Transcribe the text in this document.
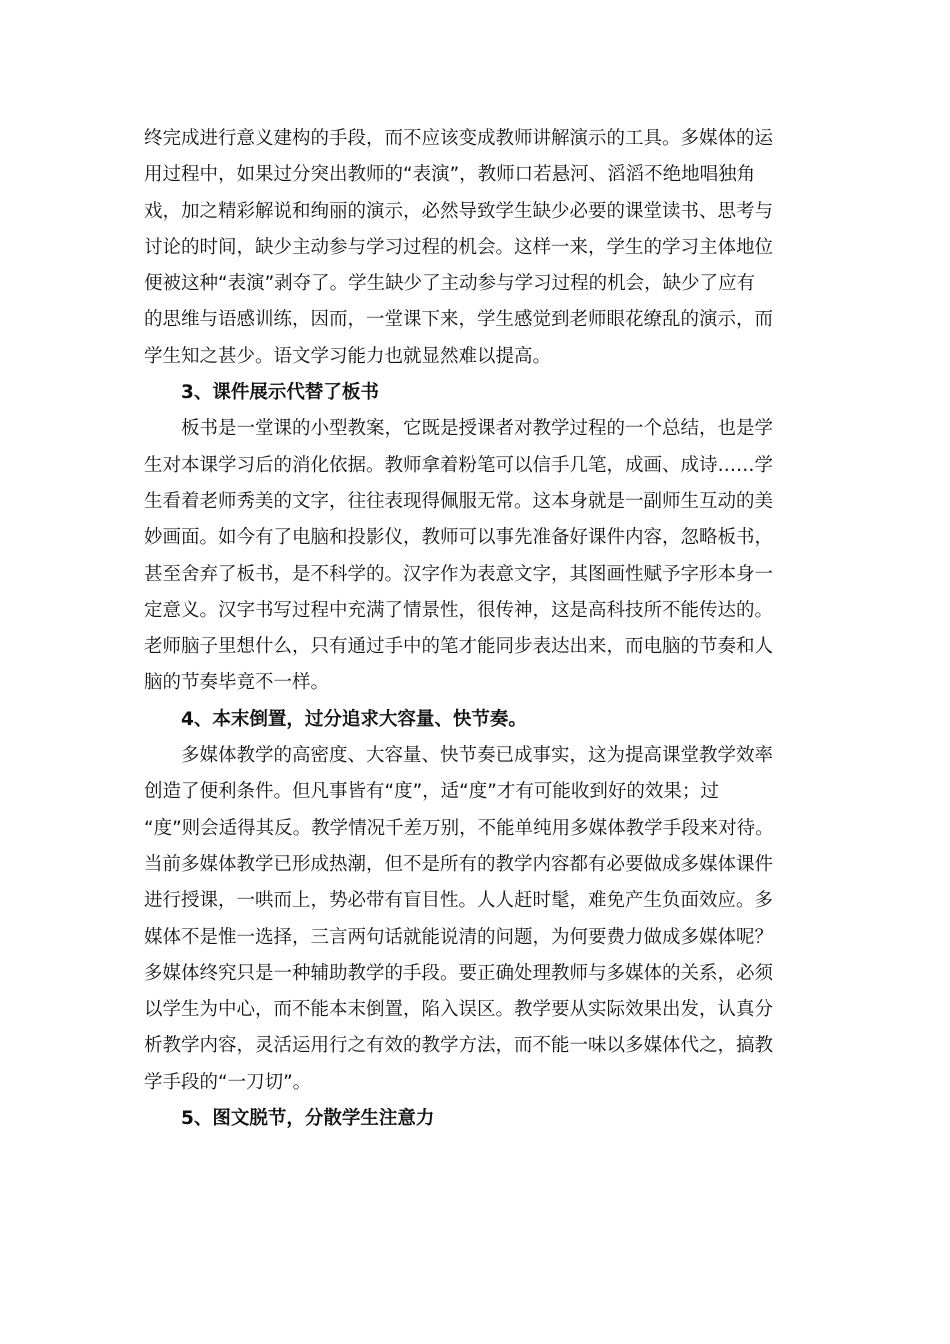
终完成进行意义建构的手段，而不应该变成教师讲解演示的工具。多媒体的运
用过程中，如果过分突出教师的“表演”，教师口若悬河、滔滔不绝地唱独角
戏，加之精彩解说和绚丽的演示，必然导致学生缺少必要的课堂读书、思考与
讨论的时间，缺少主动参与学习过程的机会。这样一来，学生的学习主体地位
便被这种“表演”剥夺了。学生缺少了主动参与学习过程的机会，缺少了应有
的思维与语感训练，因而，一堂课下来，学生感觉到老师眼花缭乱的演示，而
学生知之甚少。语文学习能力也就显然难以提高。
3、课件展示代替了板书
板书是一堂课的小型教案，它既是授课者对教学过程的一个总结，也是学
生对本课学习后的消化依据。教师拿着粉笔可以信手几笔，成画、成诗……学
生看着老师秀美的文字，往往表现得佩服无常。这本身就是一副师生互动的美
妙画面。如今有了电脑和投影仪，教师可以事先准备好课件内容，忽略板书，
甚至舍弃了板书，是不科学的。汉字作为表意文字，其图画性赋予字形本身一
定意义。汉字书写过程中充满了情景性，很传神，这是高科技所不能传达的。
老师脑子里想什么，只有通过手中的笔才能同步表达出来，而电脑的节奏和人
脑的节奏毕竟不一样。
4、本末倒置，过分追求大容量、快节奏。
多媒体教学的高密度、大容量、快节奏已成事实，这为提高课堂教学效率
创造了便利条件。但凡事皆有“度”，适“度”才有可能收到好的效果；过
“度”则会适得其反。教学情况千差万别，不能单纯用多媒体教学手段来对待。
当前多媒体教学已形成热潮，但不是所有的教学内容都有必要做成多媒体课件
进行授课，一哄而上，势必带有盲目性。人人赶时髦，难免产生负面效应。多
媒体不是惟一选择，三言两句话就能说清的问题，为何要费力做成多媒体呢？
多媒体终究只是一种辅助教学的手段。要正确处理教师与多媒体的关系，必须
以学生为中心，而不能本末倒置，陷入误区。教学要从实际效果出发，认真分
析教学内容，灵活运用行之有效的教学方法，而不能一味以多媒体代之，搞教
学手段的“一刀切”。
5、图文脱节，分散学生注意力
